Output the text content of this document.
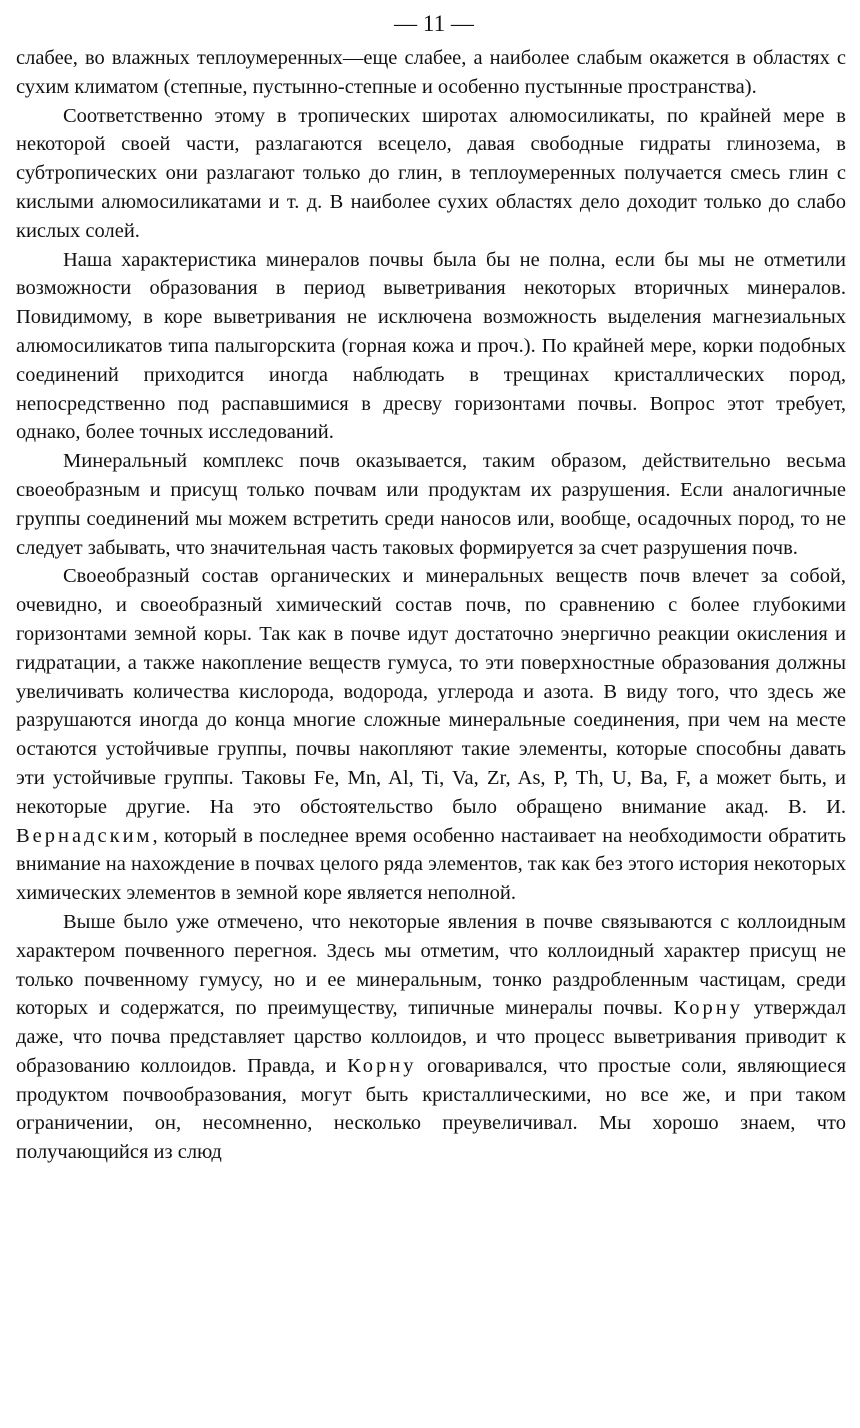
— 11 —

слабее, во влажных теплоумеренных—еще слабее, а наиболее слабым окажется в областях с сухим климатом (степные, пустынно-степные и особенно пустынные пространства).

Соответственно этому в тропических широтах алюмосиликаты, по крайней мере в некоторой своей части, разлагаются всецело, давая свободные гидраты глинозема, в субтропических они разлагают только до глин, в теплоумеренных получается смесь глин с кислыми алюмосиликатами и т. д. В наиболее сухих областях дело доходит только до слабо кислых солей.

Наша характеристика минералов почвы была бы не полна, если бы мы не отметили возможности образования в период выветривания некоторых вторичных минералов. Повидимому, в коре выветривания не исключена возможность выделения магнезиальных алюмосиликатов типа палыгорскита (горная кожа и проч.). По крайней мере, корки подобных соединений приходится иногда наблюдать в трещинах кристаллических пород, непосредственно под распавшимися в дресву горизонтами почвы. Вопрос этот требует, однако, более точных исследований.

Минеральный комплекс почв оказывается, таким образом, действительно весьма своеобразным и присущ только почвам или продуктам их разрушения. Если аналогичные группы соединений мы можем встретить среди наносов или, вообще, осадочных пород, то не следует забывать, что значительная часть таковых формируется за счет разрушения почв.

Своеобразный состав органических и минеральных веществ почв влечет за собой, очевидно, и своеобразный химический состав почв, по сравнению с более глубокими горизонтами земной коры. Так как в почве идут достаточно энергично реакции окисления и гидратации, а также накопление веществ гумуса, то эти поверхностные образования должны увеличивать количества кислорода, водорода, углерода и азота. В виду того, что здесь же разрушаются иногда до конца многие сложные минеральные соединения, при чем на месте остаются устойчивые группы, почвы накопляют такие элементы, которые способны давать эти устойчивые группы. Таковы Fe, Mn, Al, Ti, Va, Zr, As, P, Th, U, Ba, F, а может быть, и некоторые другие. На это обстоятельство было обращено внимание акад. В. И. Вернадским, который в последнее время особенно настаивает на необходимости обратить внимание на нахождение в почвах целого ряда элементов, так как без этого история некоторых химических элементов в земной коре является неполной.

Выше было уже отмечено, что некоторые явления в почве связываются с коллоидным характером почвенного перегноя. Здесь мы отметим, что коллоидный характер присущ не только почвенному гумусу, но и ее минеральным, тонко раздробленным частицам, среди которых и содержатся, по преимуществу, типичные минералы почвы. Корну утверждал даже, что почва представляет царство коллоидов, и что процесс выветривания приводит к образованию коллоидов. Правда, и Корну оговаривался, что простые соли, являющиеся продуктом почвообразования, могут быть кристаллическими, но все же, и при таком ограничении, он, несомненно, несколько преувеличивал. Мы хорошо знаем, что получающийся из слюд
